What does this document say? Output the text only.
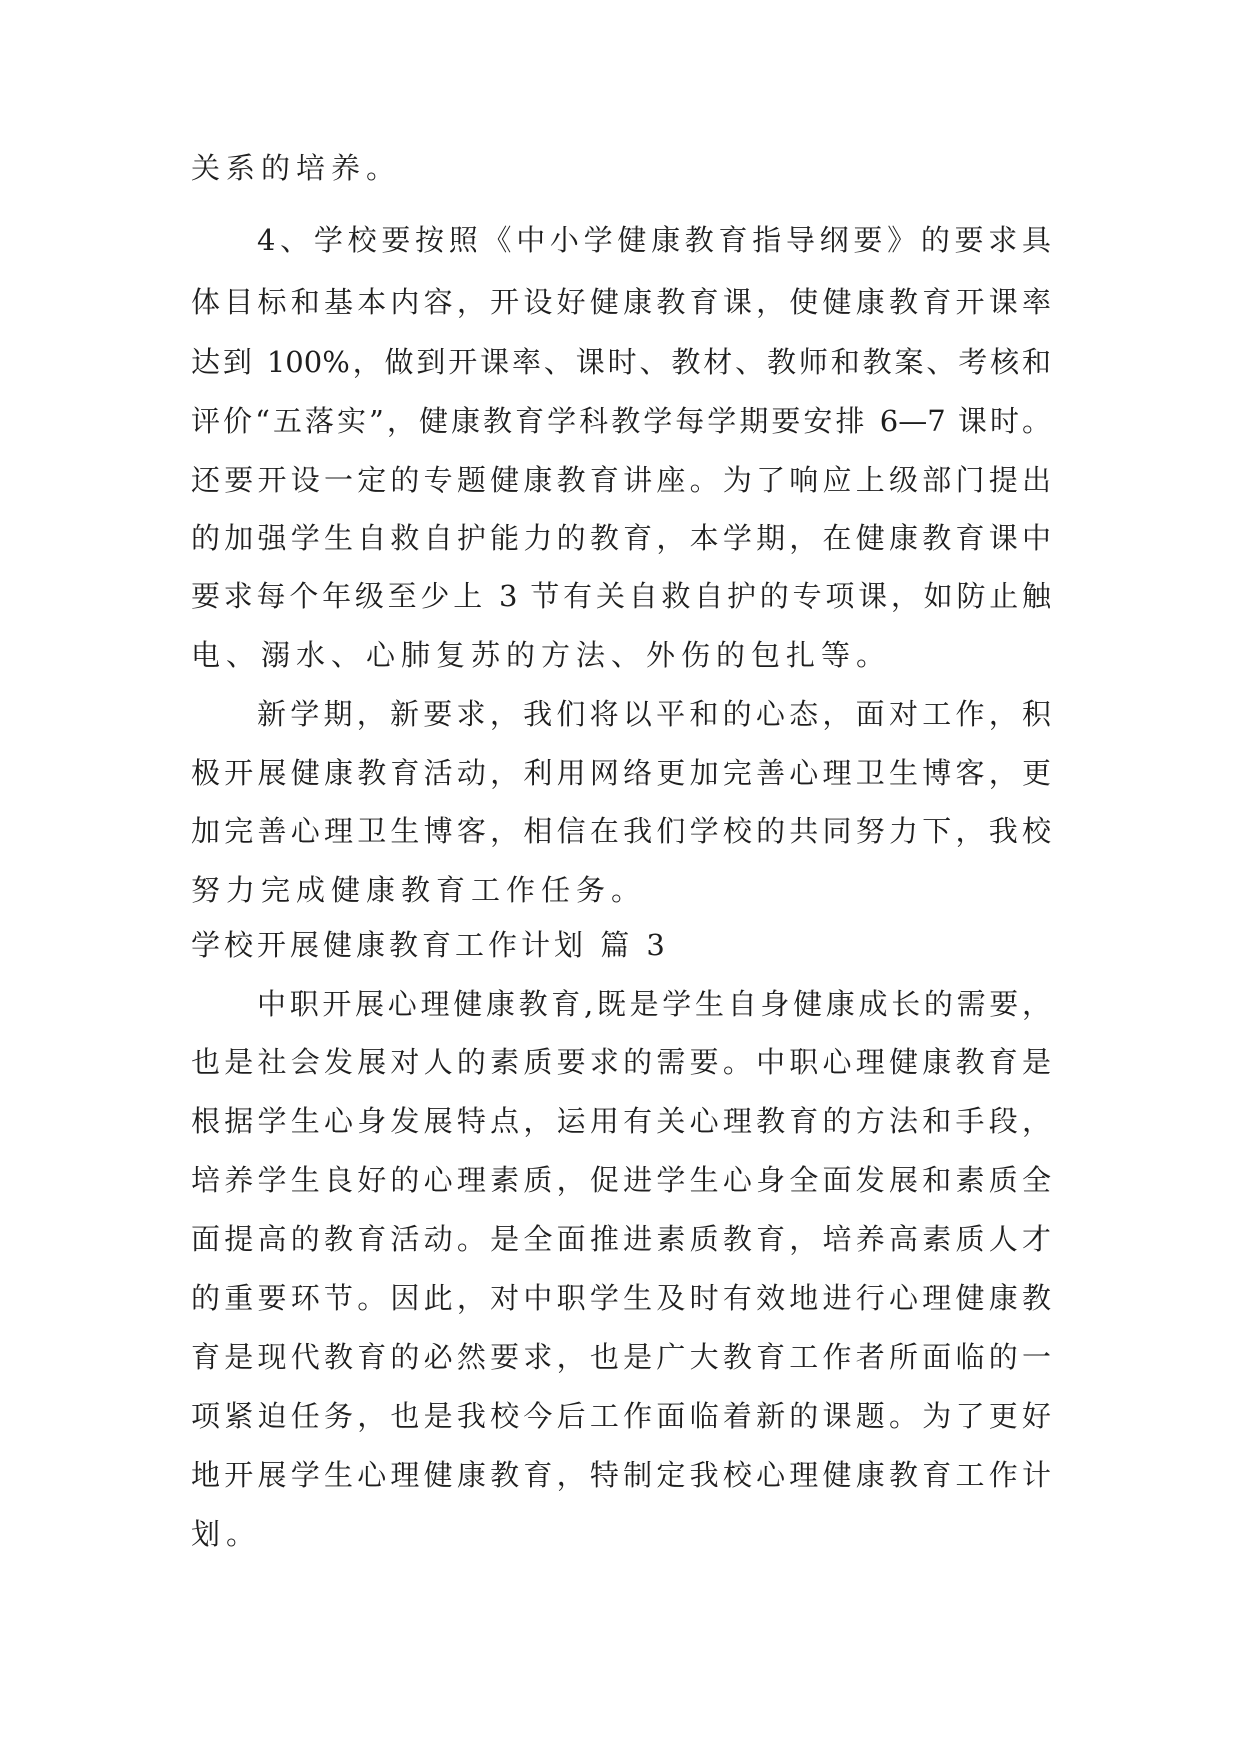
关系的培养。
4、学校要按照《中小学健康教育指导纲要》的要求具
体目标和基本内容，开设好健康教育课，使健康教育开课率
达到 100%，做到开课率、课时、教材、教师和教案、考核和
评价“五落实”，健康教育学科教学每学期要安排 6—7 课时。
还要开设一定的专题健康教育讲座。为了响应上级部门提出
的加强学生自救自护能力的教育，本学期，在健康教育课中
要求每个年级至少上 3 节有关自救自护的专项课，如防止触
电、溺水、心肺复苏的方法、外伤的包扎等。
新学期，新要求，我们将以平和的心态，面对工作，积
极开展健康教育活动，利用网络更加完善心理卫生博客，更
加完善心理卫生博客，相信在我们学校的共同努力下，我校
努力完成健康教育工作任务。
学校开展健康教育工作计划 篇 3
中职开展心理健康教育,既是学生自身健康成长的需要，
也是社会发展对人的素质要求的需要。中职心理健康教育是
根据学生心身发展特点，运用有关心理教育的方法和手段，
培养学生良好的心理素质，促进学生心身全面发展和素质全
面提高的教育活动。是全面推进素质教育，培养高素质人才
的重要环节。因此，对中职学生及时有效地进行心理健康教
育是现代教育的必然要求，也是广大教育工作者所面临的一
项紧迫任务，也是我校今后工作面临着新的课题。为了更好
地开展学生心理健康教育，特制定我校心理健康教育工作计
划。
